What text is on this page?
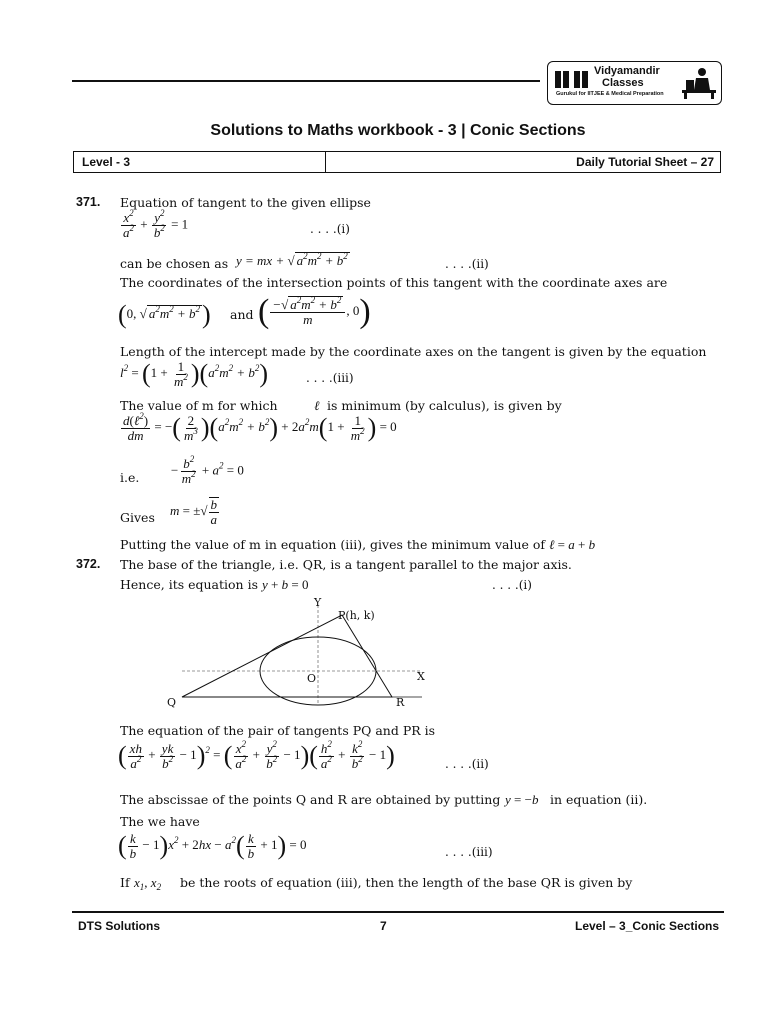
Vidyamandir
Classes
Gurukul for IITJEE & Medical Preparation
Solutions to Maths workbook - 3 | Conic Sections
Level - 3	Daily Tutorial Sheet – 27
371. Equation of tangent to the given ellipse
$\frac{x^2}{a^2} + \frac{y^2}{b^2} = 1$	. . . .(i)
can be chosen as y = mx + √ $a^2m^2 + b^2$
. . . .(ii)
The coordinates of the intersection points of this tangent with the coordinate axes are
(0, √ $a^2m^2 + b^2$) and ( $\frac{-√ a^2m^2 + b^2}{m}$ , 0)
Length of the intercept made by the coordinate axes on the tangent is given by the equation
$l^2 = (1 + \frac{1}{m^2} )(a^2m^2 + b^2)$	. . . .(iii)
The value of m for which	ℓ is minimum (by calculus), is given by
$\frac{d(\ell^2)}{dm}$ = −( $\frac{2}{m^3} )(a^2m^2 + b^2) + 2a^2m(1 + \frac{1}{m^2}$ ) = 0
i.e.
− $\frac{b^2}{m^2} + a^2 = 0$
Gives m = ±√ $\frac{b}{a}$
Putting the value of m in equation (iii), gives the minimum value of ℓ = a + b
372. The base of the triangle, i.e. QR, is a tangent parallel to the major axis.
Hence, its equation is y + b = 0	. . . .(i)
Y
P(h, k)
X
O
Q	R
The equation of the pair of tangents PQ and PR is
( $\frac{xh}{a^2} + \frac{yk}{b^2} - 1)^2$ = ( $\frac{x^2}{a^2} + \frac{y^2}{b^2} - 1)( \frac{h^2}{a^2} + \frac{k^2}{b^2} - 1)$	. . . .(ii)
The abscissae of the points Q and R are obtained by putting y = −b in equation (ii).
The we have
( $\frac{k}{b} - 1)x^2 + 2hx - a^2( \frac{k}{b} + 1) = 0$
. . . .(iii)
If $x_1$, $x_2$ be the roots of equation (iii), then the length of the base QR is given by
DTS Solutions	7	Level – 3_Conic Sections
